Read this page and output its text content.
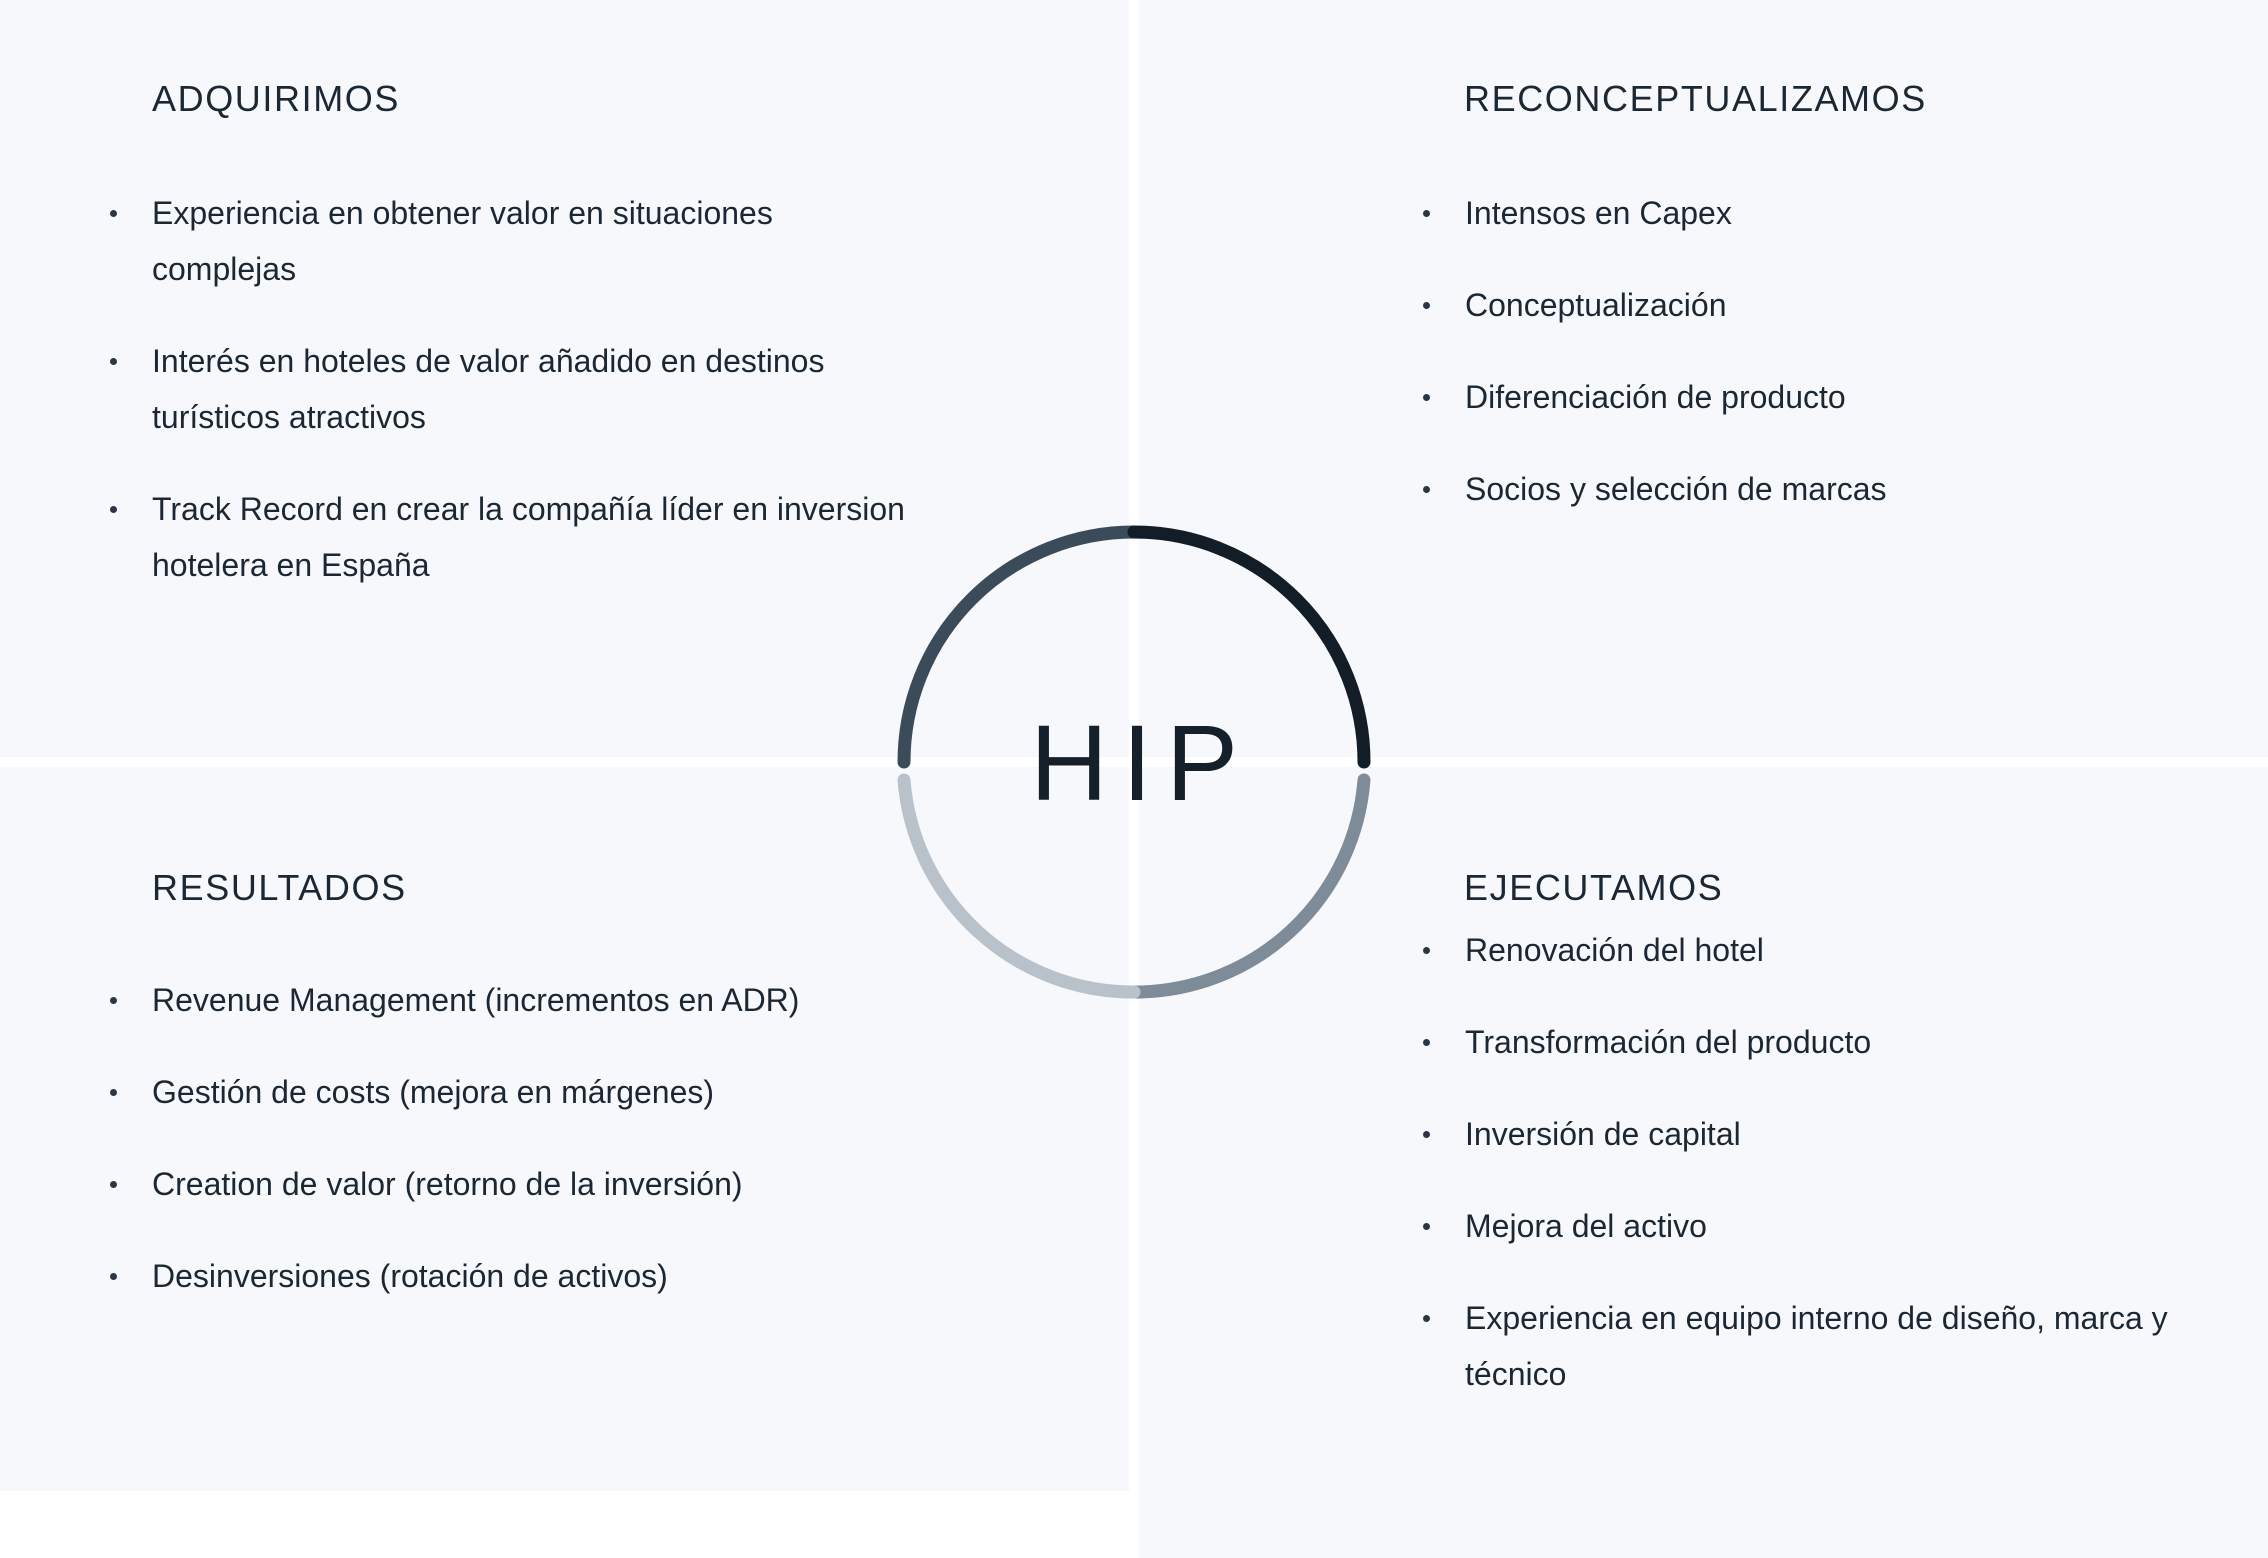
ADQUIRIMOS
Experiencia en obtener valor en situaciones complejas
Interés en hoteles de valor añadido en destinos turísticos atractivos
Track Record en crear la compañía líder en inversion hotelera en España
RECONCEPTUALIZAMOS
Intensos en Capex
Conceptualización
Diferenciación de producto
Socios y selección de marcas
RESULTADOS
Revenue Management (incrementos en ADR)
Gestión de costs (mejora en márgenes)
Creation de valor (retorno de la inversión)
Desinversiones (rotación de activos)
EJECUTAMOS
Renovación del hotel
Transformación del producto
Inversión de capital
Mejora del activo
Experiencia en equipo interno de diseño, marca y técnico
HIP
